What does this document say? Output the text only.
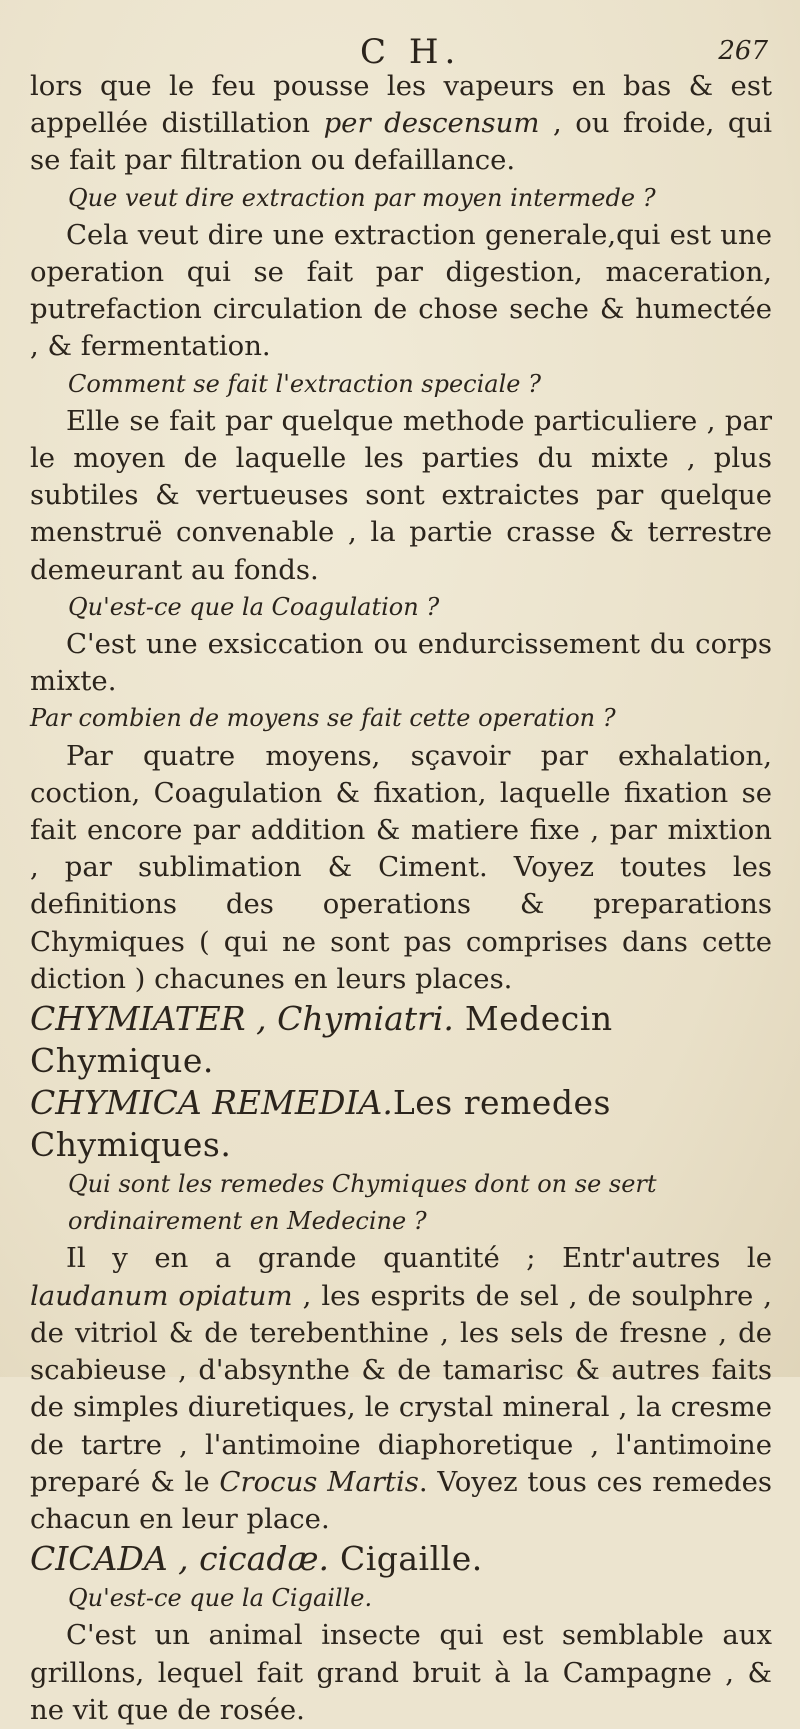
C H.	267

lors que le feu pousse les vapeurs en bas & est appellée distillation per descensum , ou froide, qui se fait par filtration ou defaillance.

Que veut dire extraction par moyen intermede ?

Cela veut dire une extraction generale,qui est une operation qui se fait par digestion, maceration, putrefaction circulation de chose seche & humectée , & fermentation.

Comment se fait l'extraction speciale ?

Elle se fait par quelque methode particuliere , par le moyen de laquelle les parties du mixte , plus subtiles & vertueuses sont extraictes par quelque menstruë convenable , la partie crasse & terrestre demeurant au fonds.

Qu'est-ce que la Coagulation ?

C'est une exsiccation ou endurcissement du corps mixte.

Par combien de moyens se fait cette operation ?

Par quatre moyens, sçavoir par exhalation, coction, Coagulation & fixation, laquelle fixation se fait encore par addition & matiere fixe , par mixtion , par sublimation & Ciment. Voyez toutes les definitions des operations & preparations Chymiques ( qui ne sont pas comprises dans cette diction ) chacunes en leurs places.

CHYMIATER , Chymiatri. Medecin Chymique.

CHYMICA REMEDIA.Les remedes Chymiques.

Qui sont les remedes Chymiques dont on se sert ordinairement en Medecine ?

Il y en a grande quantité ; Entr'autres le laudanum opiatum , les esprits de sel , de soulphre , de vitriol & de terebenthine , les sels de fresne , de scabieuse , d'absynthe & de tamarisc & autres faits de simples diuretiques, le crystal mineral , la cresme de tartre , l'antimoine diaphoretique , l'antimoine preparé & le Crocus Martis. Voyez tous ces remedes chacun en leur place.

CICADA , cicadæ. Cigaille.

Qu'est-ce que la Cigaille.

C'est un animal insecte qui est semblable aux grillons, lequel fait grand bruit à la Campagne , & ne vit que de rosée.
